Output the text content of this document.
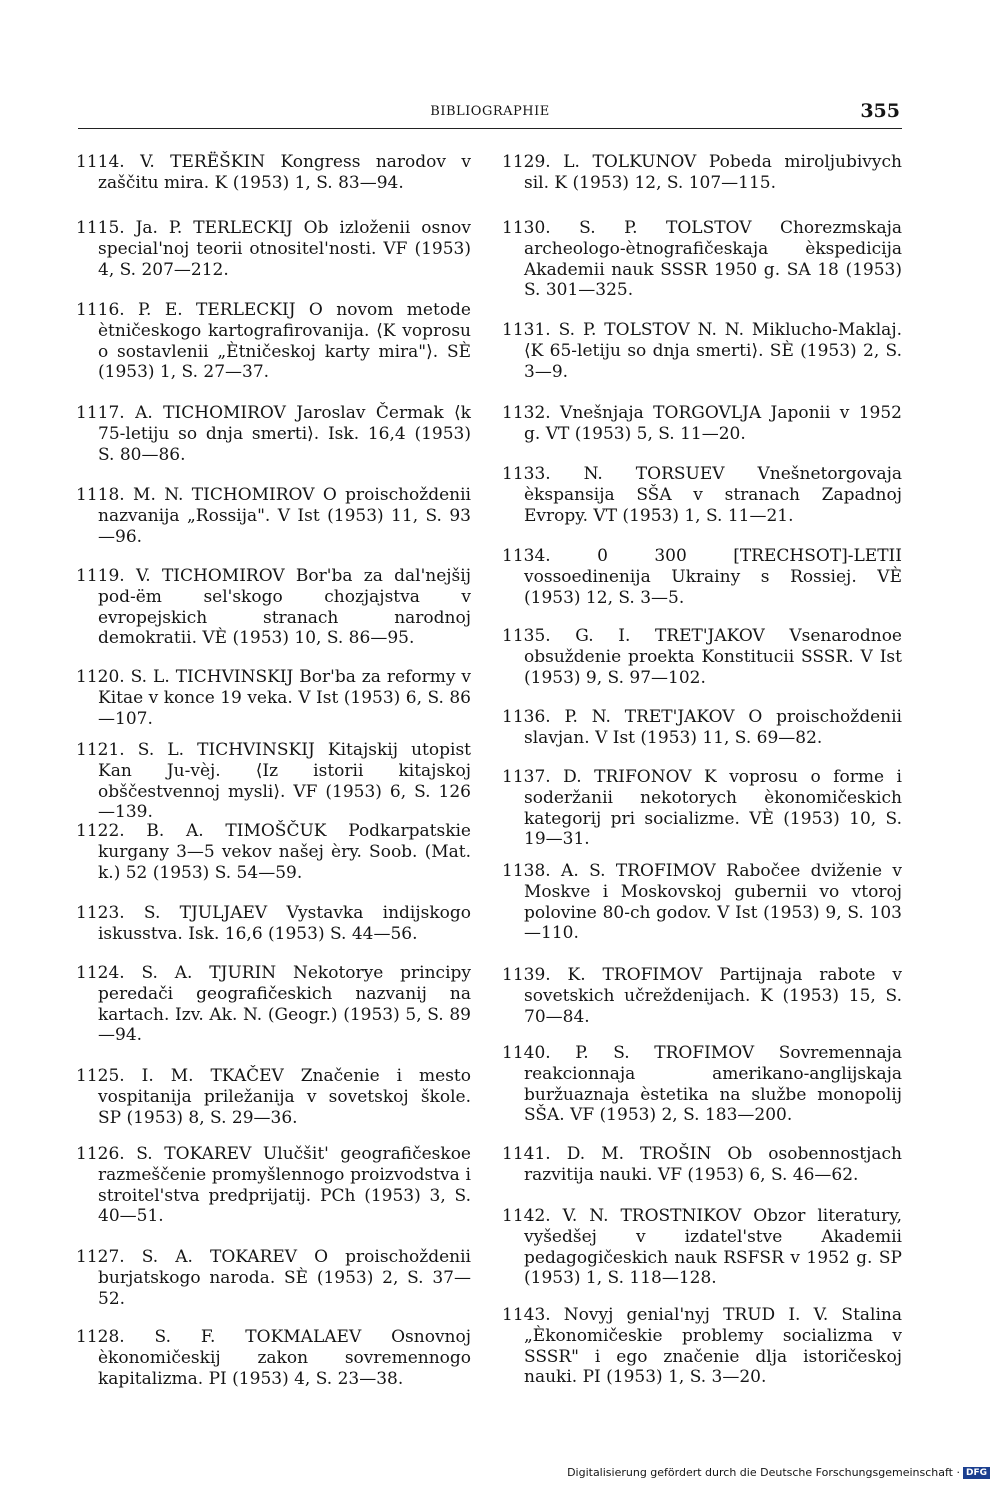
BIBLIOGRAPHIE	355
1114. V. TERËŠKIN Kongress narodov v zaščitu mira. K (1953) 1, S. 83—94.
1115. Ja. P. TERLECKIJ Ob izloženii osnov special'noj teorii otnositel'nosti. VF (1953) 4, S. 207—212.
1116. P. E. TERLECKIJ O novom metode ètničeskogo kartografirovanija. ⟨K voprosu o sostavlenii „Ètničeskoj karty mira"⟩. SÈ (1953) 1, S. 27—37.
1117. A. TICHOMIROV Jaroslav Čermak ⟨k 75-letiju so dnja smerti⟩. Isk. 16,4 (1953) S. 80—86.
1118. M. N. TICHOMIROV O proischoždenii nazvanija „Rossija". V Ist (1953) 11, S. 93—96.
1119. V. TICHOMIROV Bor'ba za dal'nejšij pod-ëm sel'skogo chozjajstva v evropejskich stranach narodnoj demokratii. VÈ (1953) 10, S. 86—95.
1120. S. L. TICHVINSKIJ Bor'ba za reformy v Kitae v konce 19 veka. V Ist (1953) 6, S. 86—107.
1121. S. L. TICHVINSKIJ Kitajskij utopist Kan Ju-vèj. ⟨Iz istorii kitajskoj obščestvennoj mysli⟩. VF (1953) 6, S. 126—139.
1122. B. A. TIMOŠČUK Podkarpatskie kurgany 3—5 vekov našej èry. Soob. (Mat. k.) 52 (1953) S. 54—59.
1123. S. TJULJAEV Vystavka indijskogo iskusstva. Isk. 16,6 (1953) S. 44—56.
1124. S. A. TJURIN Nekotorye principy peredači geografičeskich nazvanij na kartach. Izv. Ak. N. (Geogr.) (1953) 5, S. 89—94.
1125. I. M. TKAČEV Značenie i mesto vospitanija priležanija v sovetskoj škole. SP (1953) 8, S. 29—36.
1126. S. TOKAREV Ulučšit' geografičeskoe razmeščenie promyšlennogo proizvodstva i stroitel'stva predprijatij. PCh (1953) 3, S. 40—51.
1127. S. A. TOKAREV O proischoždenii burjatskogo naroda. SÈ (1953) 2, S. 37—52.
1128. S. F. TOKMALAEV Osnovnoj èkonomičeskij zakon sovremennogo kapitalizma. PI (1953) 4, S. 23—38.
1129. L. TOLKUNOV Pobeda miroljubivych sil. K (1953) 12, S. 107—115.
1130. S. P. TOLSTOV Chorezmskaja archeologo-ètnografičeskaja èkspedicija Akademii nauk SSSR 1950 g. SA 18 (1953) S. 301—325.
1131. S. P. TOLSTOV N. N. Miklucho-Maklaj. ⟨K 65-letiju so dnja smerti⟩. SÈ (1953) 2, S. 3—9.
1132. Vnešnjaja TORGOVLJA Japonii v 1952 g. VT (1953) 5, S. 11—20.
1133. N. TORSUEV Vnešnetorgovaja èkspansija SŠA v stranach Zapadnoj Evropy. VT (1953) 1, S. 11—21.
1134. 0 300 [TRECHSOT]-LETII vossoedinenija Ukrainy s Rossiej. VÈ (1953) 12, S. 3—5.
1135. G. I. TRET'JAKOV Vsenarodnoe obsuždenie proekta Konstitucii SSSR. V Ist (1953) 9, S. 97—102.
1136. P. N. TRET'JAKOV O proischoždenii slavjan. V Ist (1953) 11, S. 69—82.
1137. D. TRIFONOV K voprosu o forme i soderžanii nekotorych èkonomičeskich kategorij pri socializme. VÈ (1953) 10, S. 19—31.
1138. A. S. TROFIMOV Rabočee dviženie v Moskve i Moskovskoj gubernii vo vtoroj polovine 80-ch godov. V Ist (1953) 9, S. 103—110.
1139. K. TROFIMOV Partijnaja rabote v sovetskich učreždenijach. K (1953) 15, S. 70—84.
1140. P. S. TROFIMOV Sovremennaja reakcionnaja amerikano-anglijskaja buržuaznaja èstetika na službe monopolij SŠA. VF (1953) 2, S. 183—200.
1141. D. M. TROŠIN Ob osobennostjach razvitija nauki. VF (1953) 6, S. 46—62.
1142. V. N. TROSTNIKOV Obzor literatury, vyšedšej v izdatel'stve Akademii pedagogičeskich nauk RSFSR v 1952 g. SP (1953) 1, S. 118—128.
1143. Novyj genial'nyj TRUD I. V. Stalina „Èkonomičeskie problemy socializma v SSSR" i ego značenie dlja istoričeskoj nauki. PI (1953) 1, S. 3—20.
Digitalisierung gefördert durch die Deutsche Forschungsgemeinschaft · DFG
